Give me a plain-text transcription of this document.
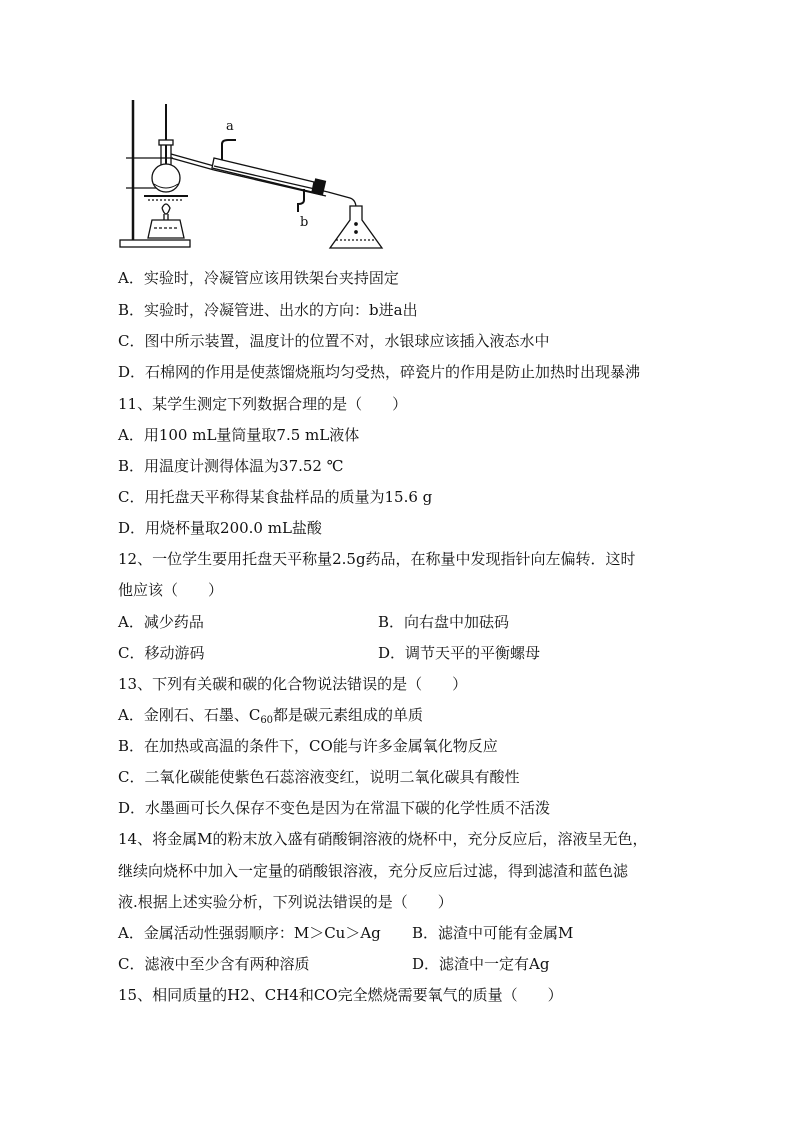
a
b
A．实验时，冷凝管应该用铁架台夹持固定
B．实验时，冷凝管进、出水的方向：b进a出
C．图中所示装置，温度计的位置不对，水银球应该插入液态水中
D．石棉网的作用是使蒸馏烧瓶均匀受热，碎瓷片的作用是防止加热时出现暴沸
11、某学生测定下列数据合理的是（　　）
A．用100 mL量筒量取7.5 mL液体
B．用温度计测得体温为37.52 ℃
C．用托盘天平称得某食盐样品的质量为15.6 g
D．用烧杯量取200.0 mL盐酸
12、一位学生要用托盘天平称量2.5g药品，在称量中发现指针向左偏转．这时
他应该（　　）
A．减少药品	B．向右盘中加砝码
C．移动游码	D．调节天平的平衡螺母
13、下列有关碳和碳的化合物说法错误的是（　　）
A．金刚石、石墨、$C_{60}$都是碳元素组成的单质
B．在加热或高温的条件下，CO能与许多金属氧化物反应
C．二氧化碳能使紫色石蕊溶液变红，说明二氧化碳具有酸性
D．水墨画可长久保存不变色是因为在常温下碳的化学性质不活泼
14、将金属M的粉末放入盛有硝酸铜溶液的烧杯中，充分反应后，溶液呈无色，
继续向烧杯中加入一定量的硝酸银溶液，充分反应后过滤，得到滤渣和蓝色滤
液.根据上述实验分析，下列说法错误的是（　　）
A．金属活动性强弱顺序：M＞Cu＞Ag B．滤渣中可能有金属M
C．滤液中至少含有两种溶质	D．滤渣中一定有Ag
15、相同质量的H2、CH4和CO完全燃烧需要氧气的质量（　　）
